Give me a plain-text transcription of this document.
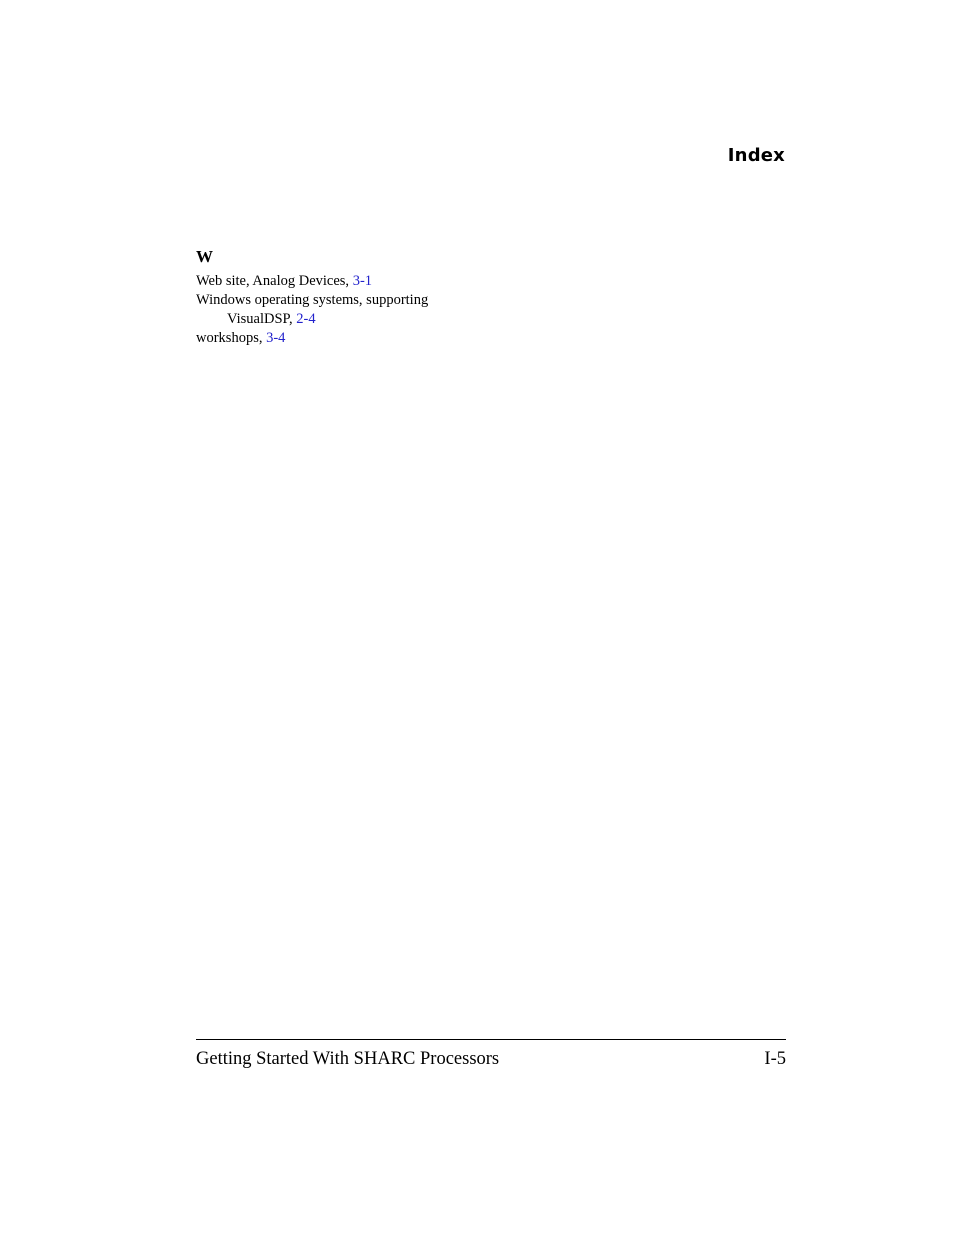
Index
W
Web site, Analog Devices, 3-1
Windows operating systems, supporting
VisualDSP, 2-4
workshops, 3-4
Getting Started With SHARC Processors	I-5
